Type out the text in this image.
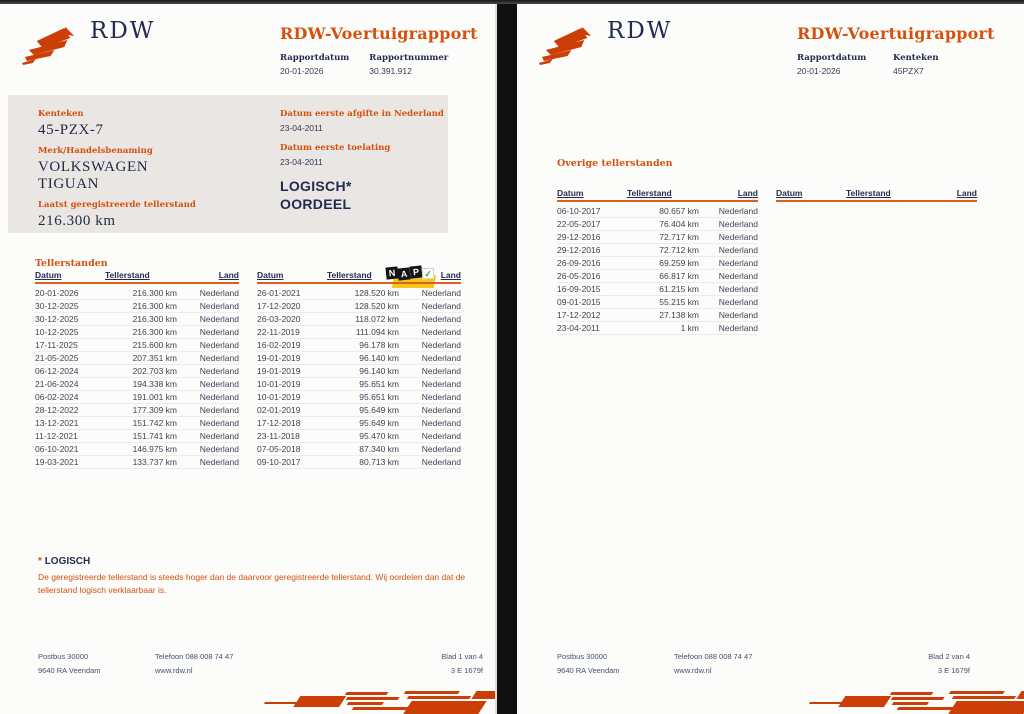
RDW	RDW-Voertuigrapport
Rapportdatum
20-01-2026
Rapportnummer
30.391.912
Kenteken
45-PZX-7
Merk/Handelsbenaming
VOLKSWAGEN
TIGUAN
Laatst geregistreerde tellerstand
216.300 km
Datum eerste afgifte in Nederland
23-04-2011
Datum eerste toelating
23-04-2011
LOGISCH*
OORDEEL
N A P ✓
Tellerstanden
Datum	Tellerstand	Land
20-01-2026	216.300 km	Nederland
30-12-2025	216.300 km	Nederland
30-12-2025	216.300 km	Nederland
10-12-2025	216.300 km	Nederland
17-11-2025	215.600 km	Nederland
21-05-2025	207.351 km	Nederland
06-12-2024	202.703 km	Nederland
21-06-2024	194.338 km	Nederland
06-02-2024	191.001 km	Nederland
28-12-2022	177.309 km	Nederland
13-12-2021	151.742 km	Nederland
11-12-2021	151.741 km	Nederland
06-10-2021	146.975 km	Nederland
19-03-2021	133.737 km	Nederland
Datum	Tellerstand	Land
26-01-2021	128.520 km	Nederland
17-12-2020	128.520 km	Nederland
26-03-2020	118.072 km	Nederland
22-11-2019	111.094 km	Nederland
16-02-2019	96.178 km	Nederland
19-01-2019	96.140 km	Nederland
19-01-2019	96.140 km	Nederland
10-01-2019	95.651 km	Nederland
10-01-2019	95.651 km	Nederland
02-01-2019	95.649 km	Nederland
17-12-2018	95.649 km	Nederland
23-11-2018	95.470 km	Nederland
07-05-2018	87.340 km	Nederland
09-10-2017	80.713 km	Nederland
* LOGISCH

De geregistreerde tellerstand is steeds hoger dan de daarvoor geregistreerde tellerstand. Wij oordelen dan dat de tellerstand logisch verklaarbaar is.

Postbus 30000
9640 RA Veendam
Telefoon 088 008 74 47
www.rdw.nl
Blad 1 van 4
3 E 1679f
RDW	RDW-Voertuigrapport
Rapportdatum
20-01-2026
Kenteken
45PZX7
Overige tellerstanden
Datum	Tellerstand	Land
06-10-2017	80.657 km	Nederland
22-05-2017	76.404 km	Nederland
29-12-2016	72.717 km	Nederland
29-12-2016	72.712 km	Nederland
26-09-2016	69.259 km	Nederland
26-05-2016	66.817 km	Nederland
16-09-2015	61.215 km	Nederland
09-01-2015	55.215 km	Nederland
17-12-2012	27.138 km	Nederland
23-04-2011	1 km	Nederland
Datum	Tellerstand	Land
Postbus 30000
9640 RA Veendam
Telefoon 088 008 74 47
www.rdw.nl
Blad 2 van 4
3 E 1679f
